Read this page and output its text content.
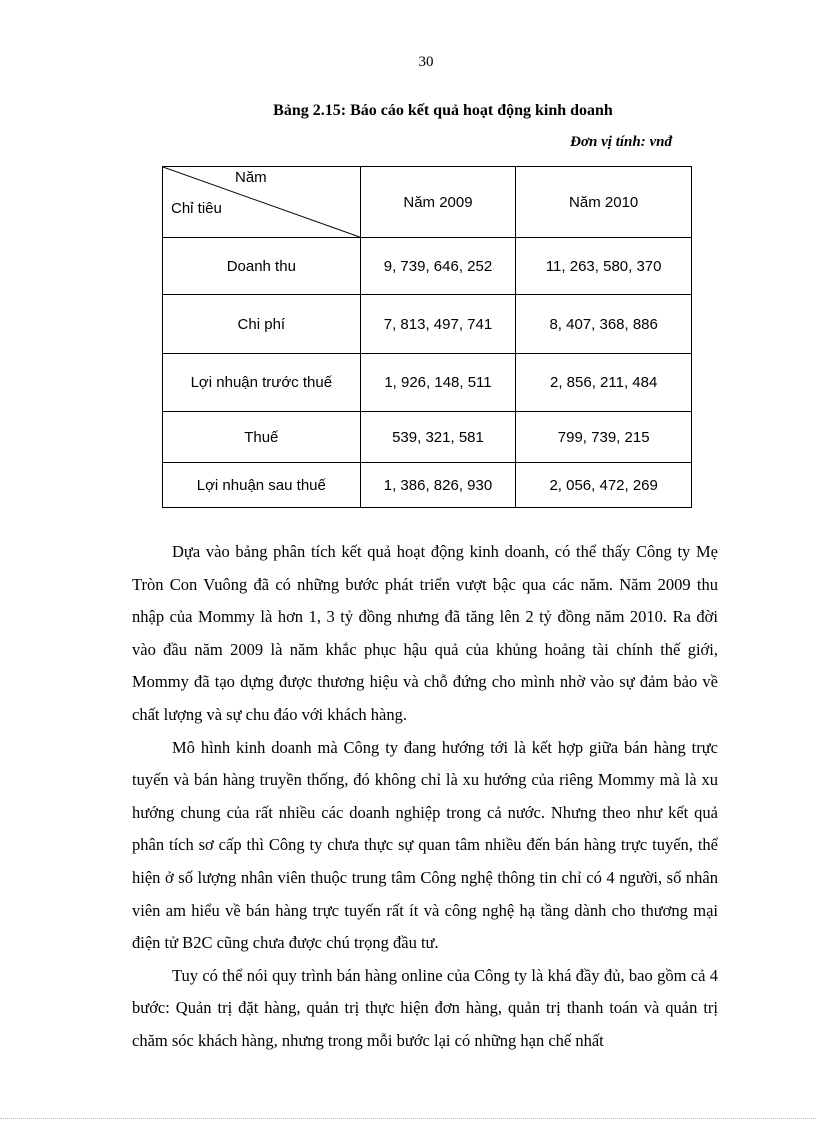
30
Bảng 2.15: Báo cáo kết quả hoạt động kinh doanh
Đơn vị tính: vnđ
Năm
Chỉ tiêu	Năm 2009	Năm 2010
Doanh thu	9, 739, 646, 252	11, 263, 580, 370
Chi phí	7, 813, 497, 741	8, 407, 368, 886
Lợi nhuận trước thuế	1, 926, 148, 511	2, 856, 211, 484
Thuế	539, 321, 581	799, 739, 215
Lợi nhuận sau thuế	1, 386, 826, 930	2, 056, 472, 269

Dựa vào bảng phân tích kết quả hoạt động kinh doanh, có thể thấy Công ty Mẹ Tròn Con Vuông đã có những bước phát triển vượt bậc qua các năm. Năm 2009 thu nhập của Mommy là hơn 1, 3 tỷ đồng nhưng đã tăng lên 2 tỷ đồng năm 2010. Ra đời vào đầu năm 2009 là năm khắc phục hậu quả của khủng hoảng tài chính thế giới, Mommy đã tạo dựng được thương hiệu và chỗ đứng cho mình nhờ vào sự đảm bảo về chất lượng và sự chu đáo với khách hàng.

Mô hình kinh doanh mà Công ty đang hướng tới là kết hợp giữa bán hàng trực tuyến và bán hàng truyền thống, đó không chỉ là xu hướng của riêng Mommy mà là xu hướng chung của rất nhiều các doanh nghiệp trong cả nước. Nhưng theo như kết quả phân tích sơ cấp thì Công ty chưa thực sự quan tâm nhiều đến bán hàng trực tuyến, thể hiện ở số lượng nhân viên thuộc trung tâm Công nghệ thông tin chỉ có 4 người, số nhân viên am hiểu về bán hàng trực tuyến rất ít và công nghệ hạ tầng dành cho thương mại điện tử B2C cũng chưa được chú trọng đầu tư.

Tuy có thể nói quy trình bán hàng online của Công ty là khá đầy đủ, bao gồm cả 4 bước: Quản trị đặt hàng, quản trị thực hiện đơn hàng, quản trị thanh toán và quản trị chăm sóc khách hàng, nhưng trong mỗi bước lại có những hạn chế nhất
